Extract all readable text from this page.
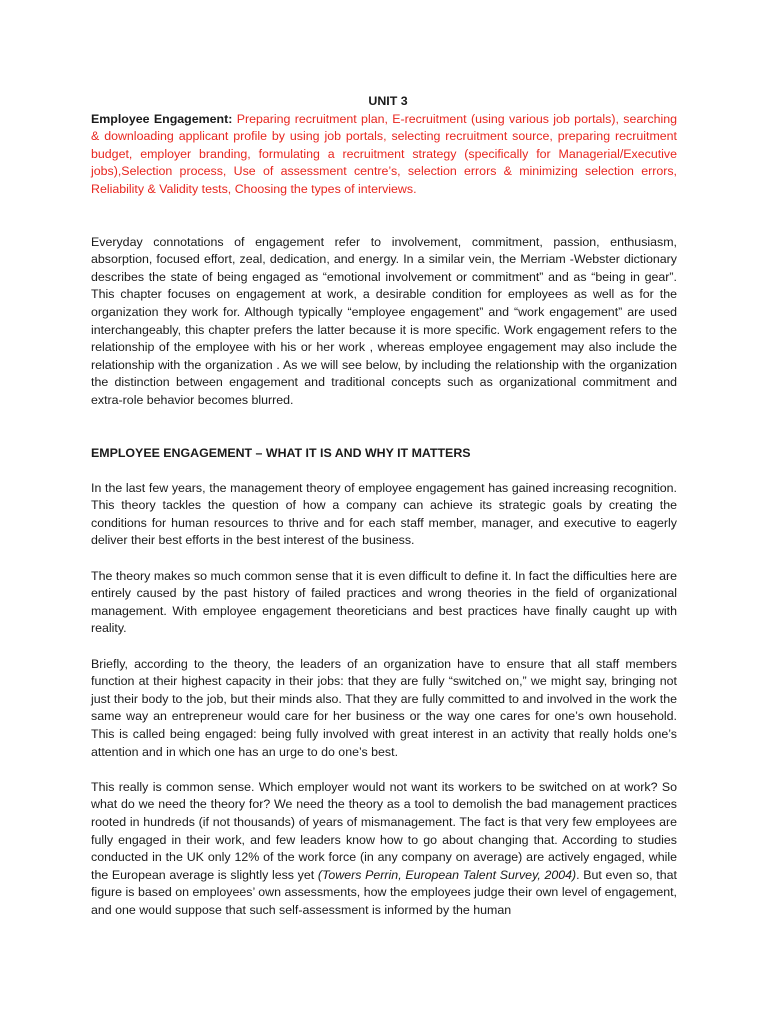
UNIT 3

Employee Engagement: Preparing recruitment plan, E-recruitment (using various job portals), searching & downloading applicant profile by using job portals, selecting recruitment source, preparing recruitment budget, employer branding, formulating a recruitment strategy (specifically for Managerial/Executive jobs),Selection process, Use of assessment centre’s, selection errors & minimizing selection errors, Reliability & Validity tests, Choosing the types of interviews.

Everyday connotations of engagement refer to involvement, commitment, passion, enthusiasm, absorption, focused effort, zeal, dedication, and energy. In a similar vein, the Merriam -Webster dictionary describes the state of being engaged as “emotional involvement or commitment” and as “being in gear”. This chapter focuses on engagement at work, a desirable condition for employees as well as for the organization they work for. Although typically “employee engagement” and “work engagement” are used interchangeably, this chapter prefers the latter because it is more specific. Work engagement refers to the relationship of the employee with his or her work , whereas employee engagement may also include the relationship with the organization . As we will see below, by including the relationship with the organization the distinction between engagement and traditional concepts such as organizational commitment and extra-role behavior becomes blurred.

EMPLOYEE ENGAGEMENT – WHAT IT IS AND WHY IT MATTERS

In the last few years, the management theory of employee engagement has gained increasing recognition. This theory tackles the question of how a company can achieve its strategic goals by creating the conditions for human resources to thrive and for each staff member, manager, and executive to eagerly deliver their best efforts in the best interest of the business.

The theory makes so much common sense that it is even difficult to define it. In fact the difficulties here are entirely caused by the past history of failed practices and wrong theories in the field of organizational management. With employee engagement theoreticians and best practices have finally caught up with reality.

Briefly, according to the theory, the leaders of an organization have to ensure that all staff members function at their highest capacity in their jobs: that they are fully “switched on,” we might say, bringing not just their body to the job, but their minds also. That they are fully committed to and involved in the work the same way an entrepreneur would care for her business or the way one cares for one’s own household. This is called being engaged: being fully involved with great interest in an activity that really holds one’s attention and in which one has an urge to do one’s best.

This really is common sense. Which employer would not want its workers to be switched on at work? So what do we need the theory for? We need the theory as a tool to demolish the bad management practices rooted in hundreds (if not thousands) of years of mismanagement. The fact is that very few employees are fully engaged in their work, and few leaders know how to go about changing that. According to studies conducted in the UK only 12% of the work force (in any company on average) are actively engaged, while the European average is slightly less yet (Towers Perrin, European Talent Survey, 2004). But even so, that figure is based on employees’ own assessments, how the employees judge their own level of engagement, and one would suppose that such self-assessment is informed by the human
